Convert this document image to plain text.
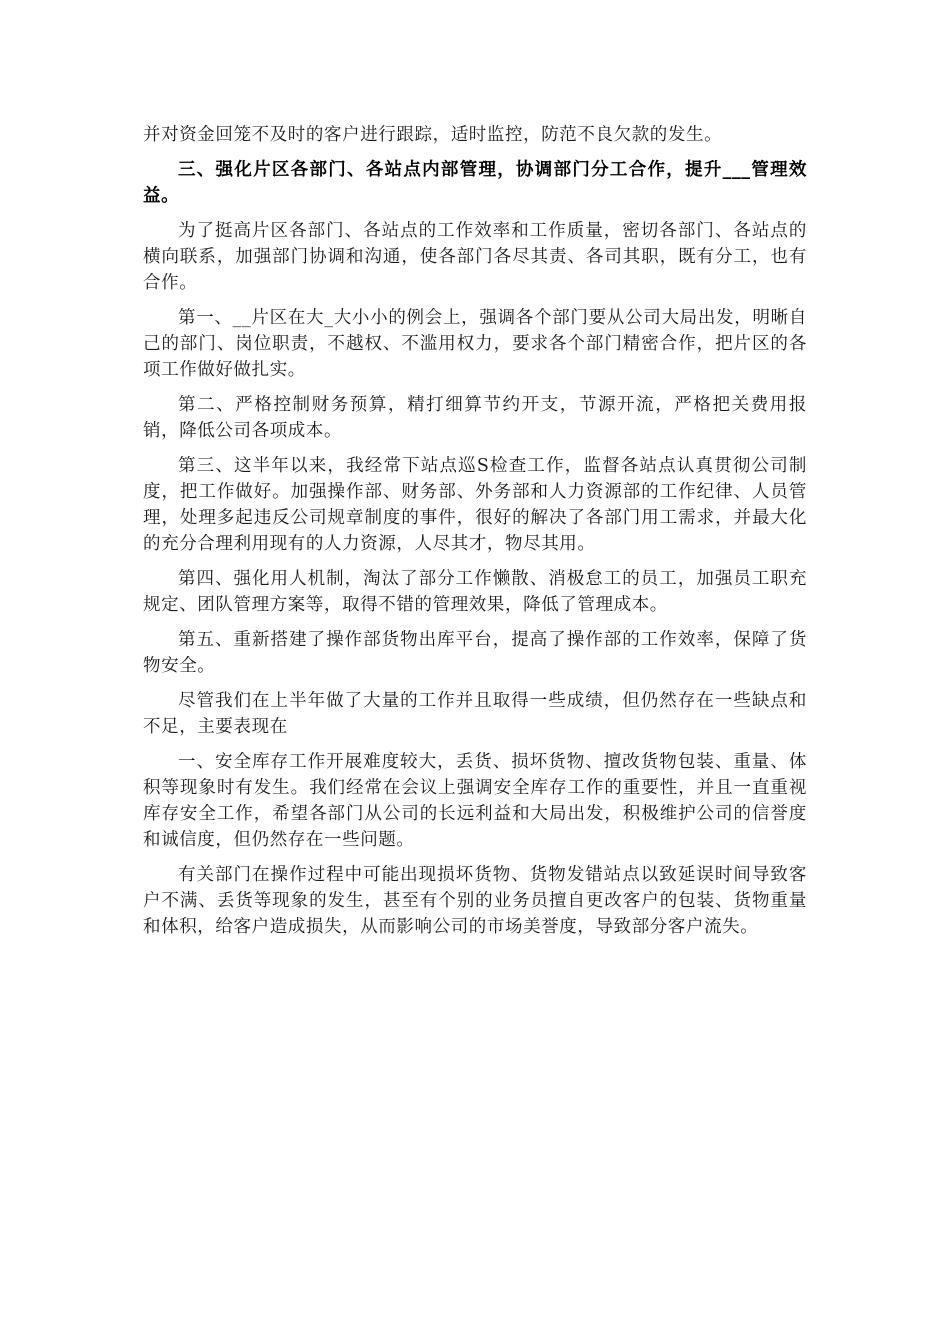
并对资金回笼不及时的客户进行跟踪，适时监控，防范不良欠款的发生。

三、强化片区各部门、各站点内部管理，协调部门分工合作，提升___管理效益。

为了挺高片区各部门、各站点的工作效率和工作质量，密切各部门、各站点的横向联系，加强部门协调和沟通，使各部门各尽其责、各司其职，既有分工，也有合作。

第一、__片区在大_大小小的例会上，强调各个部门要从公司大局出发，明晰自己的部门、岗位职责，不越权、不滥用权力，要求各个部门精密合作，把片区的各项工作做好做扎实。

第二、严格控制财务预算，精打细算节约开支，节源开流，严格把关费用报销，降低公司各项成本。

第三、这半年以来，我经常下站点巡S检查工作，监督各站点认真贯彻公司制度，把工作做好。加强操作部、财务部、外务部和人力资源部的工作纪律、人员管理，处理多起违反公司规章制度的事件，很好的解决了各部门用工需求，并最大化的充分合理利用现有的人力资源，人尽其才，物尽其用。

第四、强化用人机制，淘汰了部分工作懒散、消极怠工的员工，加强员工职充规定、团队管理方案等，取得不错的管理效果，降低了管理成本。

第五、重新搭建了操作部货物出库平台，提高了操作部的工作效率，保障了货物安全。

尽管我们在上半年做了大量的工作并且取得一些成绩，但仍然存在一些缺点和不足，主要表现在

一、安全库存工作开展难度较大，丢货、损坏货物、擅改货物包装、重量、体积等现象时有发生。我们经常在会议上强调安全库存工作的重要性，并且一直重视库存安全工作，希望各部门从公司的长远利益和大局出发，积极维护公司的信誉度和诚信度，但仍然存在一些问题。

有关部门在操作过程中可能出现损坏货物、货物发错站点以致延误时间导致客户不满、丢货等现象的发生，甚至有个别的业务员擅自更改客户的包装、货物重量和体积，给客户造成损失，从而影响公司的市场美誉度，导致部分客户流失。
